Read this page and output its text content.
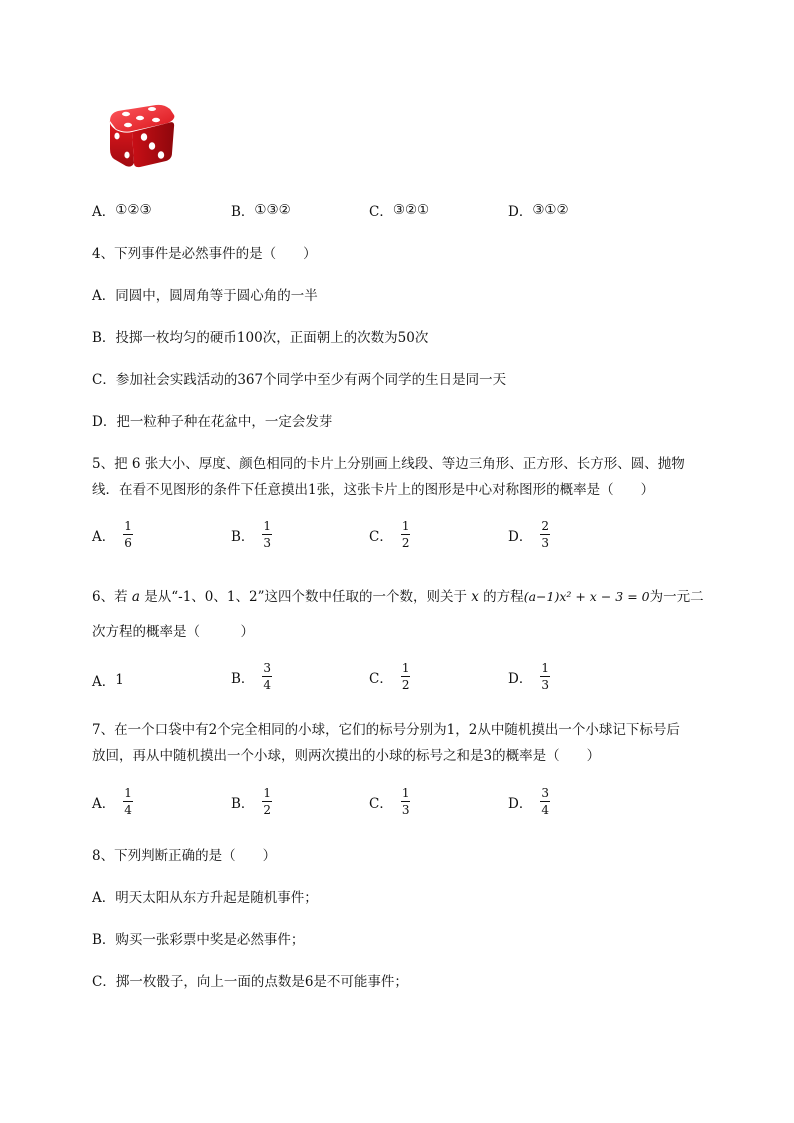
A． ①②③	B． ①③②	C． ③②①	D． ③①②
4、下列事件是必然事件的是（　　）
A．同圆中，圆周角等于圆心角的一半
B．投掷一枚均匀的硬币100次，正面朝上的次数为50次
C．参加社会实践活动的367个同学中至少有两个同学的生日是同一天
D．把一粒种子种在花盆中，一定会发芽
5、把 6 张大小、厚度、颜色相同的卡片上分别画上线段、等边三角形、正方形、长方形、圆、抛物
线．在看不见图形的条件下任意摸出1张，这张卡片上的图形是中心对称图形的概率是（　　）
A． $\frac{1}{6}$	B． $\frac{1}{3}$	C． $\frac{1}{2}$	D． $\frac{2}{3}$
6、若 a 是从“-1、0、1、2”这四个数中任取的一个数，则关于 x 的方程(a−1)x² + x − 3 = 0为一元二
次方程的概率是（　　　）
A． 1	B． $\frac{3}{4}$	C． $\frac{1}{2}$	D． $\frac{1}{3}$
7、在一个口袋中有2个完全相同的小球，它们的标号分别为1，2从中随机摸出一个小球记下标号后
放回，再从中随机摸出一个小球，则两次摸出的小球的标号之和是3的概率是（　　）
A． $\frac{1}{4}$	B． $\frac{1}{2}$	C． $\frac{1}{3}$	D． $\frac{3}{4}$
8、下列判断正确的是（　　）
A．明天太阳从东方升起是随机事件；
B．购买一张彩票中奖是必然事件；
C．掷一枚骰子，向上一面的点数是6是不可能事件；
